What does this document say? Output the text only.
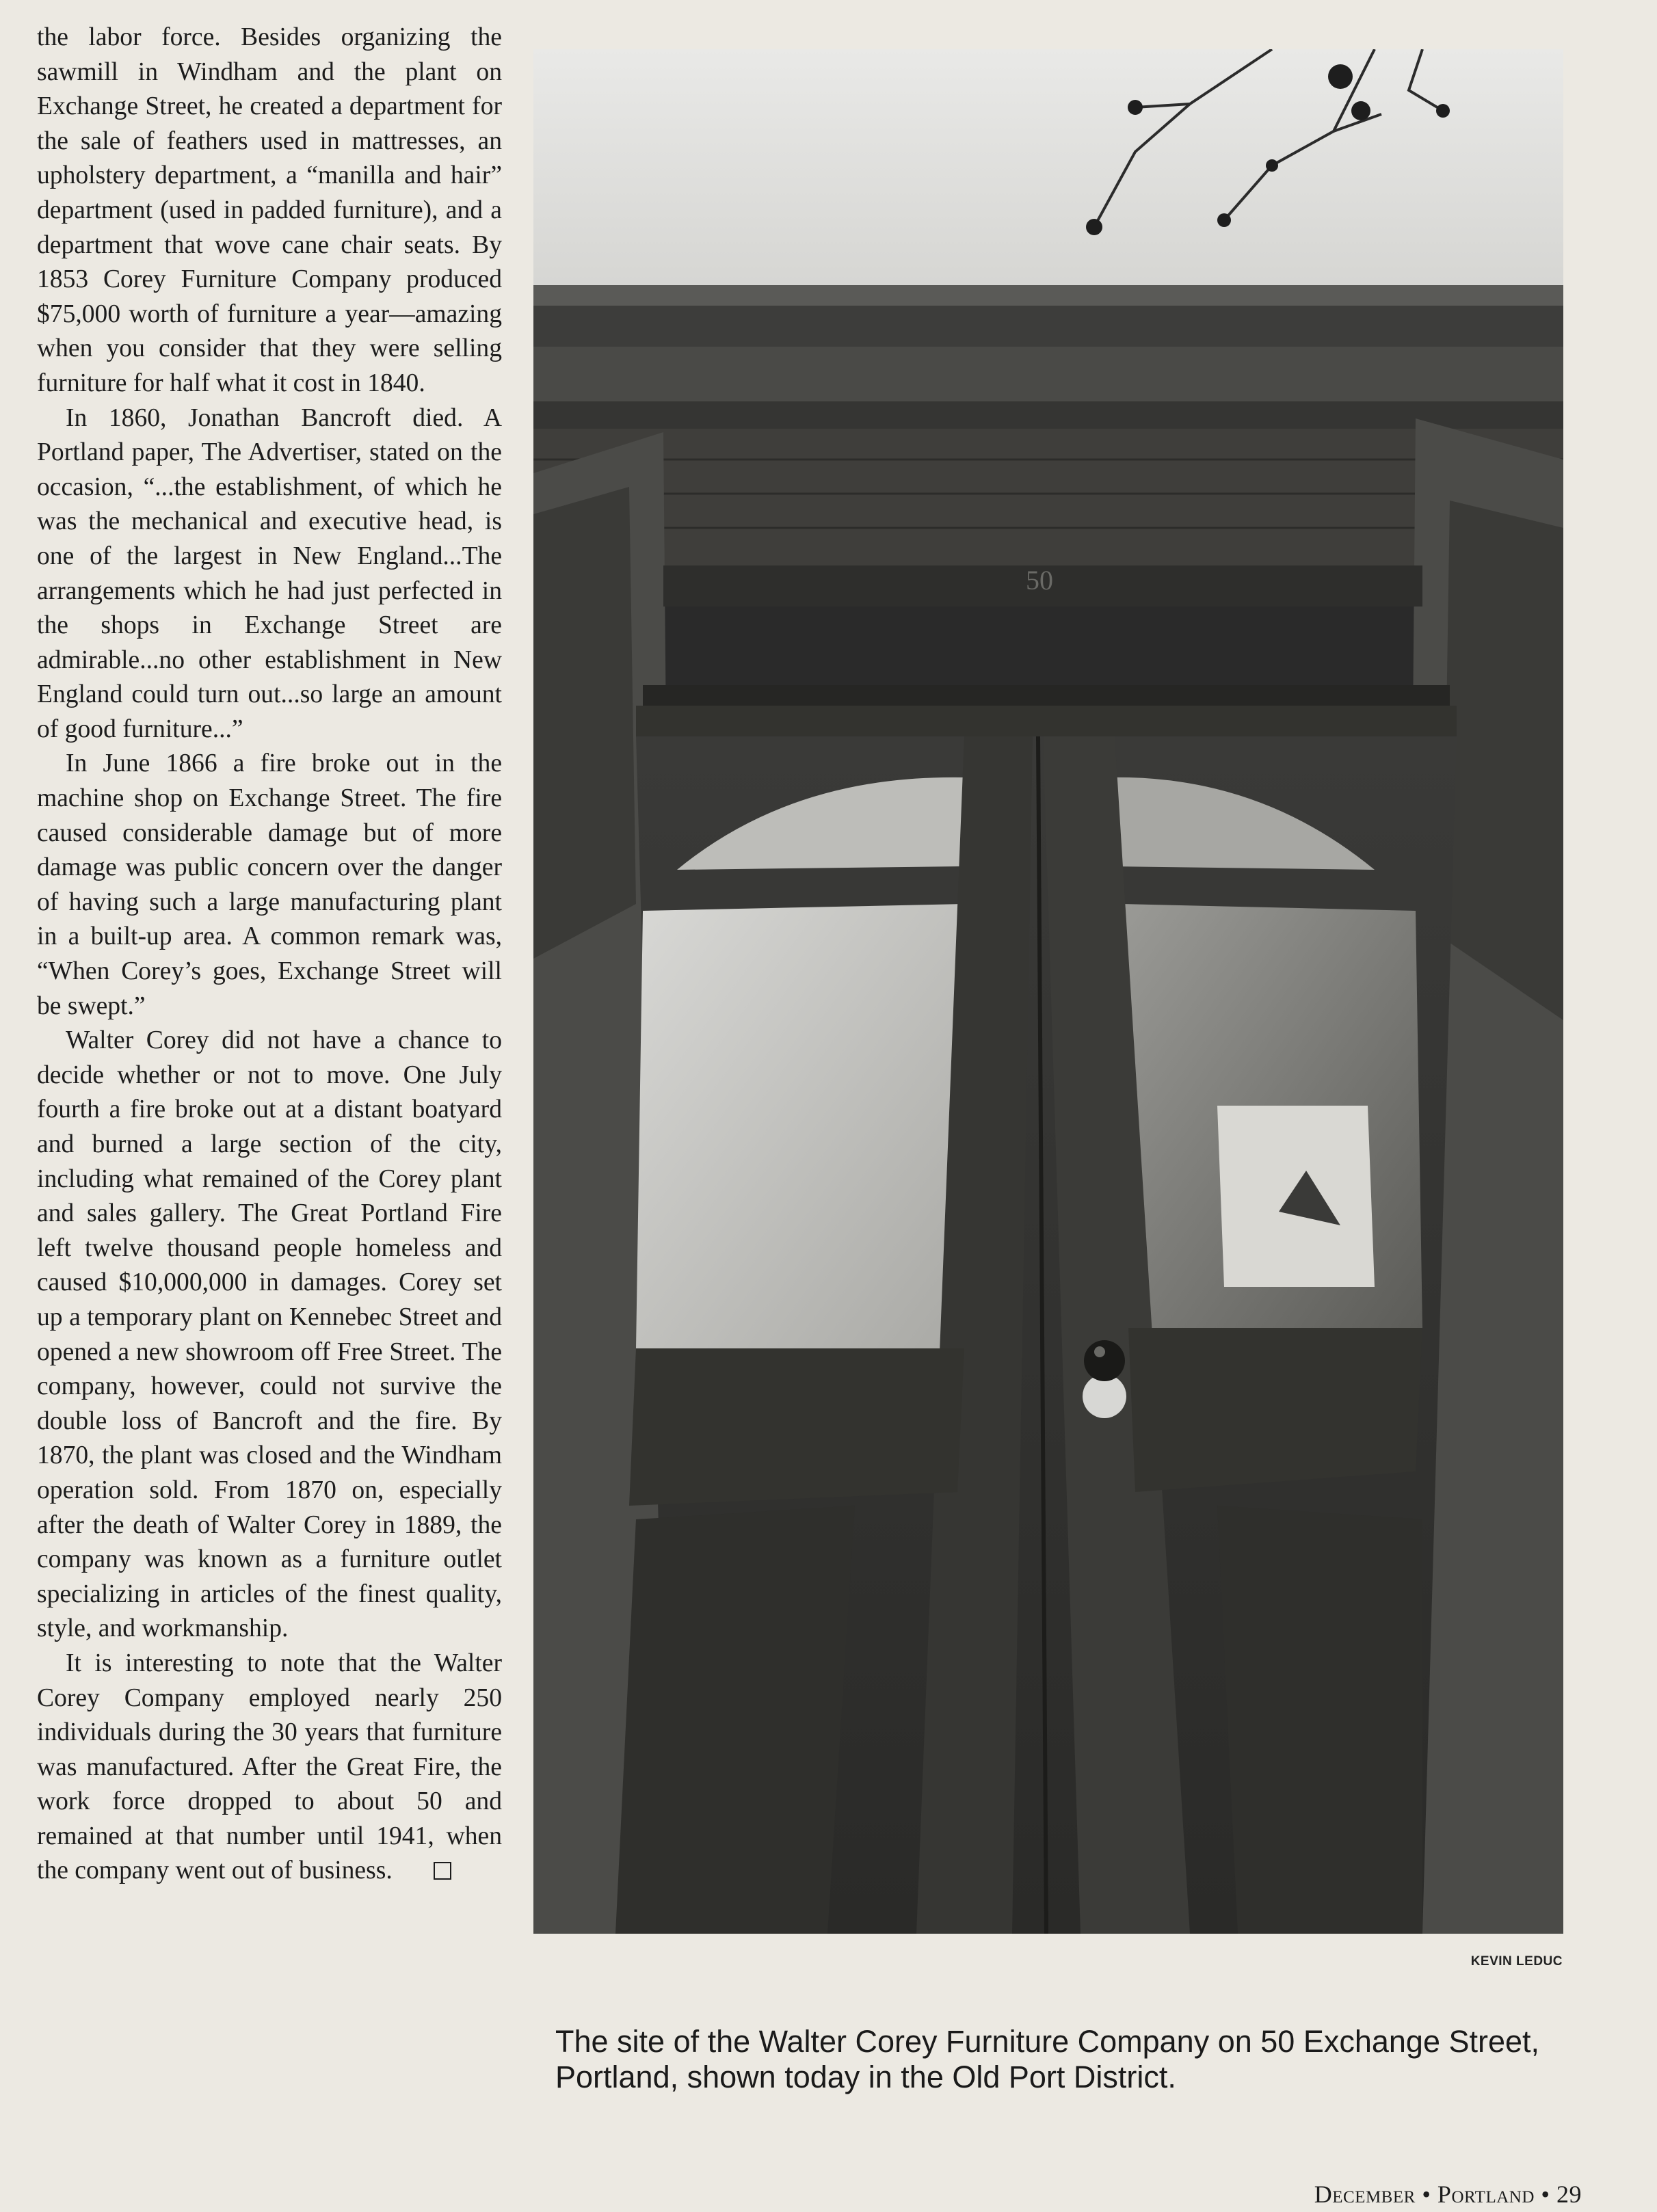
the labor force. Besides organizing the sawmill in Windham and the plant on Exchange Street, he created a department for the sale of feathers used in mattresses, an upholstery department, a “manilla and hair” department (used in padded furniture), and a department that wove cane chair seats. By 1853 Corey Furniture Company produced $75,000 worth of furniture a year—amazing when you consider that they were selling furniture for half what it cost in 1840.

In 1860, Jonathan Bancroft died. A Portland paper, The Advertiser, stated on the occasion, “...the establishment, of which he was the mechanical and executive head, is one of the largest in New England...The arrangements which he had just perfected in the shops in Exchange Street are admirable...no other establishment in New England could turn out...so large an amount of good furniture...”

In June 1866 a fire broke out in the machine shop on Exchange Street. The fire caused considerable damage but of more damage was public concern over the danger of having such a large manufacturing plant in a built-up area. A common remark was, “When Corey’s goes, Exchange Street will be swept.”

Walter Corey did not have a chance to decide whether or not to move. One July fourth a fire broke out at a distant boatyard and burned a large section of the city, including what remained of the Corey plant and sales gallery. The Great Portland Fire left twelve thousand people homeless and caused $10,000,000 in damages. Corey set up a temporary plant on Kennebec Street and opened a new showroom off Free Street. The company, however, could not survive the double loss of Bancroft and the fire. By 1870, the plant was closed and the Windham operation sold. From 1870 on, especially after the death of Walter Corey in 1889, the company was known as a furniture outlet specializing in articles of the finest quality, style, and workmanship.

It is interesting to note that the Walter Corey Company employed nearly 250 individuals during the 30 years that furniture was manufactured. After the Great Fire, the work force dropped to about 50 and remained at that number until 1941, when the company went out of business.

50
KEVIN LEDUC
The site of the Walter Corey Furniture Company on 50 Exchange Street, Portland, shown today in the Old Port District.
December • Portland • 29
